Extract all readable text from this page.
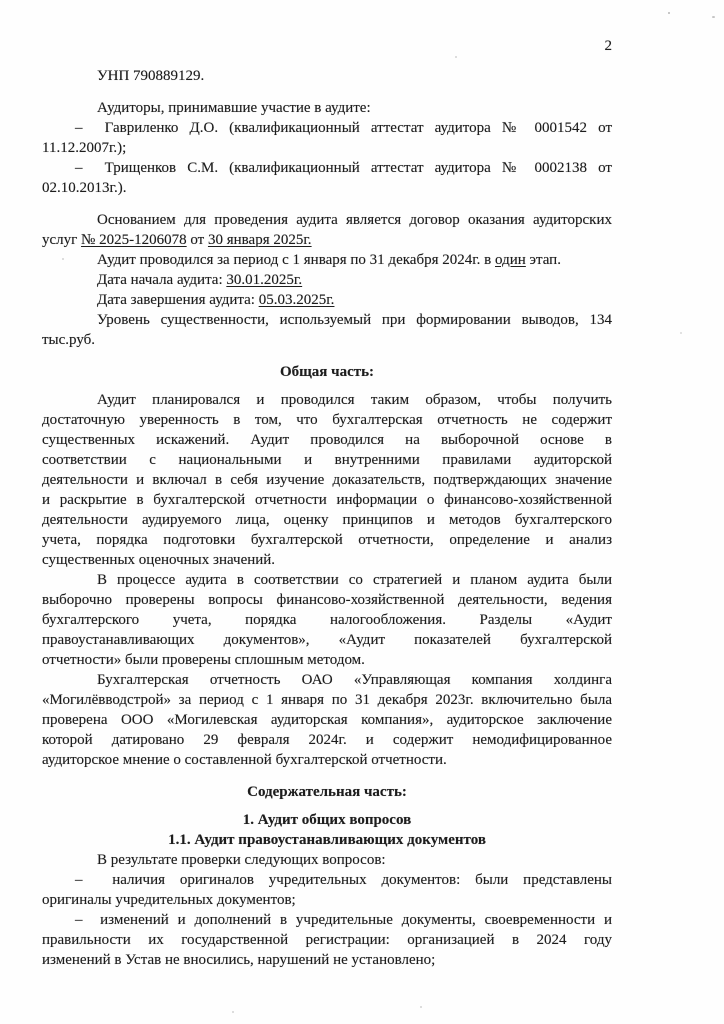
2
УНП 790889129.
Аудиторы, принимавшие участие в аудите:
–  Гавриленко Д.О. (квалификационный аттестат аудитора № 0001542 от
11.12.2007г.);
–  Трищенков С.М. (квалификационный аттестат аудитора № 0002138 от
02.10.2013г.).
Основанием для проведения аудита является договор оказания аудиторских
услуг № 2025-1206078 от 30 января 2025г.
Аудит проводился за период с 1 января по 31 декабря 2024г. в один этап.
Дата начала аудита: 30.01.2025г.
Дата завершения аудита: 05.03.2025г.
Уровень существенности, используемый при формировании выводов, 134
тыс.руб.
Общая часть:
Аудит планировался и проводился таким образом, чтобы получить
достаточную уверенность в том, что бухгалтерская отчетность не содержит
существенных искажений. Аудит проводился на выборочной основе в
соответствии с национальными и внутренними правилами аудиторской
деятельности и включал в себя изучение доказательств, подтверждающих значение
и раскрытие в бухгалтерской отчетности информации о финансово-хозяйственной
деятельности аудируемого лица, оценку принципов и методов бухгалтерского
учета, порядка подготовки бухгалтерской отчетности, определение и анализ
существенных оценочных значений.
В процессе аудита в соответствии со стратегией и планом аудита были
выборочно проверены вопросы финансово-хозяйственной деятельности, ведения
бухгалтерского учета, порядка налогообложения. Разделы «Аудит
правоустанавливающих документов», «Аудит показателей бухгалтерской
отчетности» были проверены сплошным методом.
Бухгалтерская отчетность ОАО «Управляющая компания холдинга
«Могилёвводстрой» за период с 1 января по 31 декабря 2023г. включительно была
проверена ООО «Могилевская аудиторская компания», аудиторское заключение
которой датировано 29 февраля 2024г. и содержит немодифицированное
аудиторское мнение о составленной бухгалтерской отчетности.
Содержательная часть:
1. Аудит общих вопросов
1.1. Аудит правоустанавливающих документов
В результате проверки следующих вопросов:
–  наличия оригиналов учредительных документов: были представлены
оригиналы учредительных документов;
–  изменений и дополнений в учредительные документы, своевременности и
правильности их государственной регистрации: организацией в 2024 году
изменений в Устав не вносились, нарушений не установлено;
